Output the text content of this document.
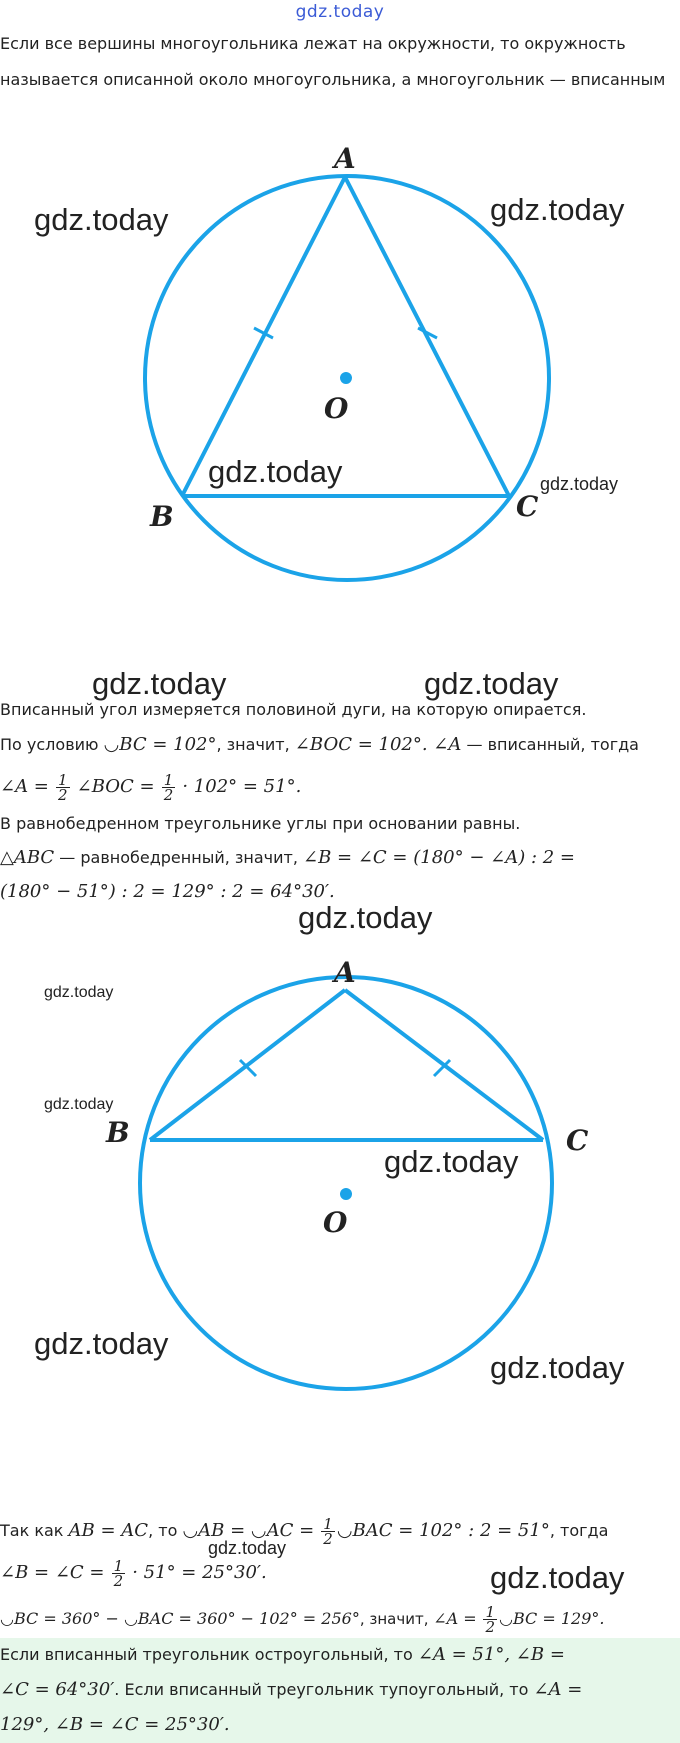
gdz.today
Если все вершины многоугольника лежат на окружности, то окружность
называется описанной около многоугольника, а многоугольник — вписанным
A
B	C
O
gdz.today	gdz.today
gdz.today	gdz.today
gdz.today	gdz.today
Вписанный угол измеряется половиной дуги, на которую опирается.
По условию ◡BC = 102°, значит, ∠BOC = 102°. ∠A — вписанный, тогда
∠A = $\frac{1}{2}$ ∠BOC = $\frac{1}{2} \cdot 102^\circ = 51^\circ$.
В равнобедренном треугольнике углы при основании равны.
△ABC — равнобедренный, значит, ∠B = ∠C = (180° − ∠A) : 2 =
(180° − 51°) : 2 = 129° : 2 = 64°30′.
A
B	C
O
gdz.today
gdz.today
gdz.today
gdz.today
gdz.today
gdz.today
Так как AB = AC, то ◡AB = ◡AC = $\frac{1}{2}$ ◡BAC = 102° : 2 = 51°, тогда
gdz.today
∠B = ∠C = $\frac{1}{2} \cdot 51^\circ = 25^\circ 30'$.	gdz.today
◡BC = 360° − ◡BAC = 360° − 102° = 256°, значит, ∠A = $\frac{1}{2}$ ◡BC = 129°.
Если вписанный треугольник остроугольный, то ∠A = 51°, ∠B =
∠C = 64°30′. Если вписанный треугольник тупоугольный, то ∠A =
129°, ∠B = ∠C = 25°30′.
